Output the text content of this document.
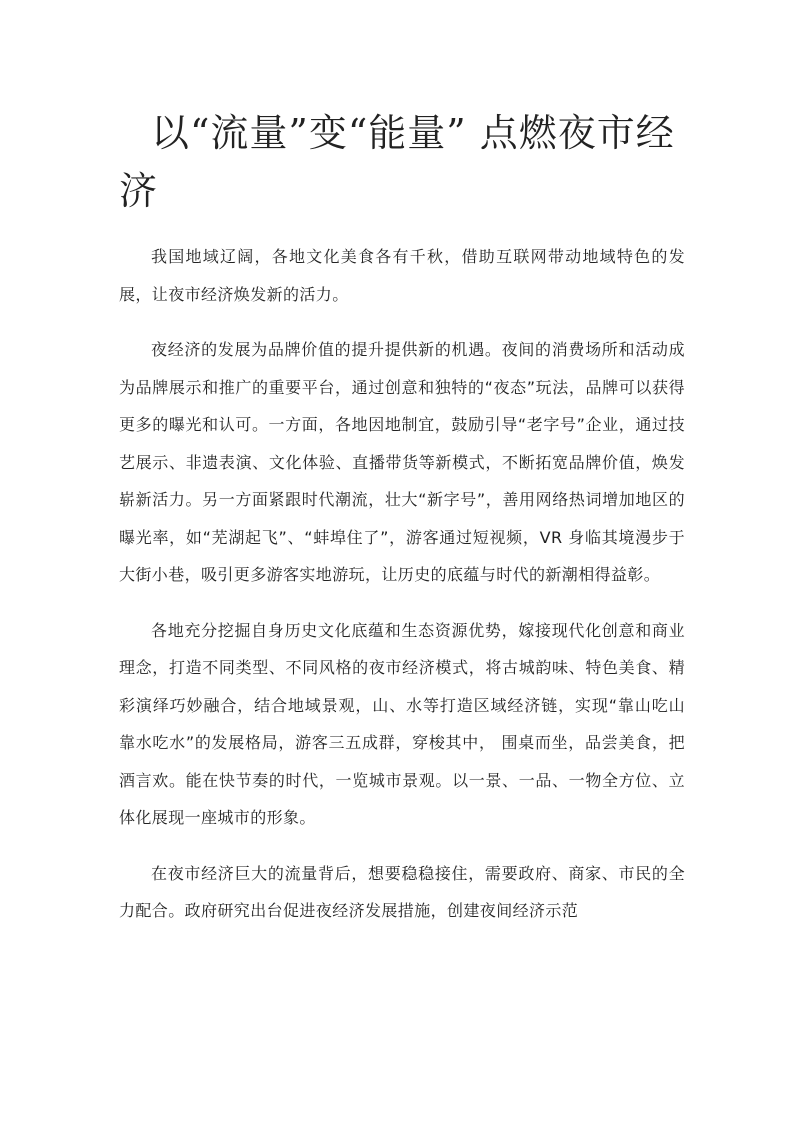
以“流量”变“能量” 点燃夜市经济

我国地域辽阔，各地文化美食各有千秋，借助互联网带动地域特色的发展，让夜市经济焕发新的活力。

夜经济的发展为品牌价值的提升提供新的机遇。夜间的消费场所和活动成为品牌展示和推广的重要平台，通过创意和独特的“夜态”玩法，品牌可以获得更多的曝光和认可。一方面，各地因地制宜，鼓励引导“老字号”企业，通过技艺展示、非遗表演、文化体验、直播带货等新模式，不断拓宽品牌价值，焕发崭新活力。另一方面紧跟时代潮流，壮大“新字号”，善用网络热词增加地区的曝光率，如“芜湖起飞”、“蚌埠住了”，游客通过短视频，VR 身临其境漫步于大街小巷，吸引更多游客实地游玩，让历史的底蕴与时代的新潮相得益彰。

各地充分挖掘自身历史文化底蕴和生态资源优势，嫁接现代化创意和商业理念，打造不同类型、不同风格的夜市经济模式，将古城韵味、特色美食、精彩演绎巧妙融合，结合地域景观，山、水等打造区域经济链，实现“靠山吃山靠水吃水”的发展格局，游客三五成群，穿梭其中， 围桌而坐，品尝美食，把酒言欢。能在快节奏的时代，一览城市景观。以一景、一品、一物全方位、立体化展现一座城市的形象。

在夜市经济巨大的流量背后，想要稳稳接住，需要政府、商家、市民的全力配合。政府研究出台促进夜经济发展措施，创建夜间经济示范
